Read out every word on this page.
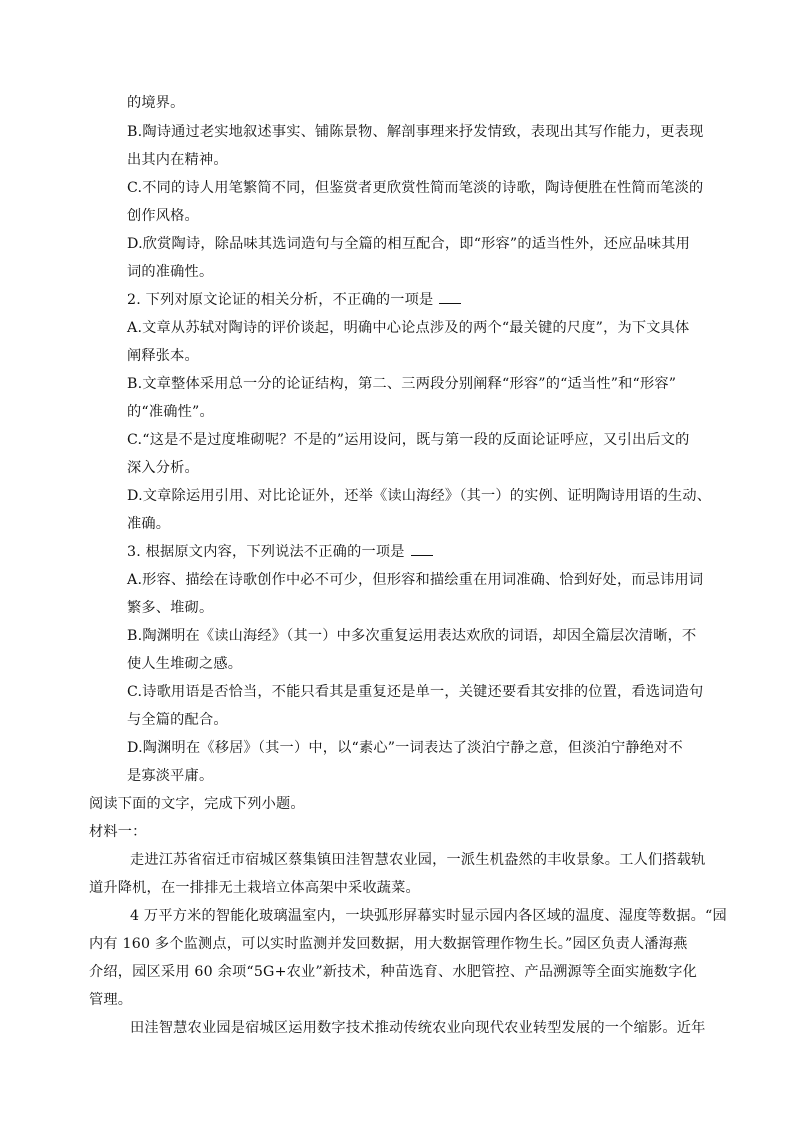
的境界。
B.陶诗通过老实地叙述事实、铺陈景物、解剖事理来抒发情致，表现出其写作能力，更表现
出其内在精神。
C.不同的诗人用笔繁简不同，但鉴赏者更欣赏性简而笔淡的诗歌，陶诗便胜在性简而笔淡的
创作风格。
D.欣赏陶诗，除品味其选词造句与全篇的相互配合，即“形容”的适当性外，还应品味其用
词的准确性。
2. 下列对原文论证的相关分析，不正确的一项是
A.文章从苏轼对陶诗的评价谈起，明确中心论点涉及的两个“最关键的尺度”，为下文具体
阐释张本。
B.文章整体采用总一分的论证结构，第二、三两段分别阐释“形容”的“适当性”和“形容”
的“准确性”。
C.“这是不是过度堆砌呢？不是的”运用设问，既与第一段的反面论证呼应，又引出后文的
深入分析。
D.文章除运用引用、对比论证外，还举《读山海经》（其一）的实例、证明陶诗用语的生动、
准确。
3. 根据原文内容，下列说法不正确的一项是
A.形容、描绘在诗歌创作中必不可少，但形容和描绘重在用词准确、恰到好处，而忌讳用词
繁多、堆砌。
B.陶渊明在《读山海经》（其一）中多次重复运用表达欢欣的词语，却因全篇层次清晰，不
使人生堆砌之感。
C.诗歌用语是否恰当，不能只看其是重复还是单一，关键还要看其安排的位置，看选词造句
与全篇的配合。
D.陶渊明在《移居》（其一）中，以“素心”一词表达了淡泊宁静之意，但淡泊宁静绝对不
是寡淡平庸。
阅读下面的文字，完成下列小题。
材料一：
走进江苏省宿迁市宿城区蔡集镇田洼智慧农业园，一派生机盎然的丰收景象。工人们搭载轨
道升降机，在一排排无土栽培立体高架中采收蔬菜。
4 万平方米的智能化玻璃温室内，一块弧形屏幕实时显示园内各区域的温度、湿度等数据。“园
内有 160 多个监测点，可以实时监测并发回数据，用大数据管理作物生长。”园区负责人潘海燕
介绍，园区采用 60 余项“5G+农业”新技术，种苗选育、水肥管控、产品溯源等全面实施数字化
管理。
田洼智慧农业园是宿城区运用数字技术推动传统农业向现代农业转型发展的一个缩影。近年
